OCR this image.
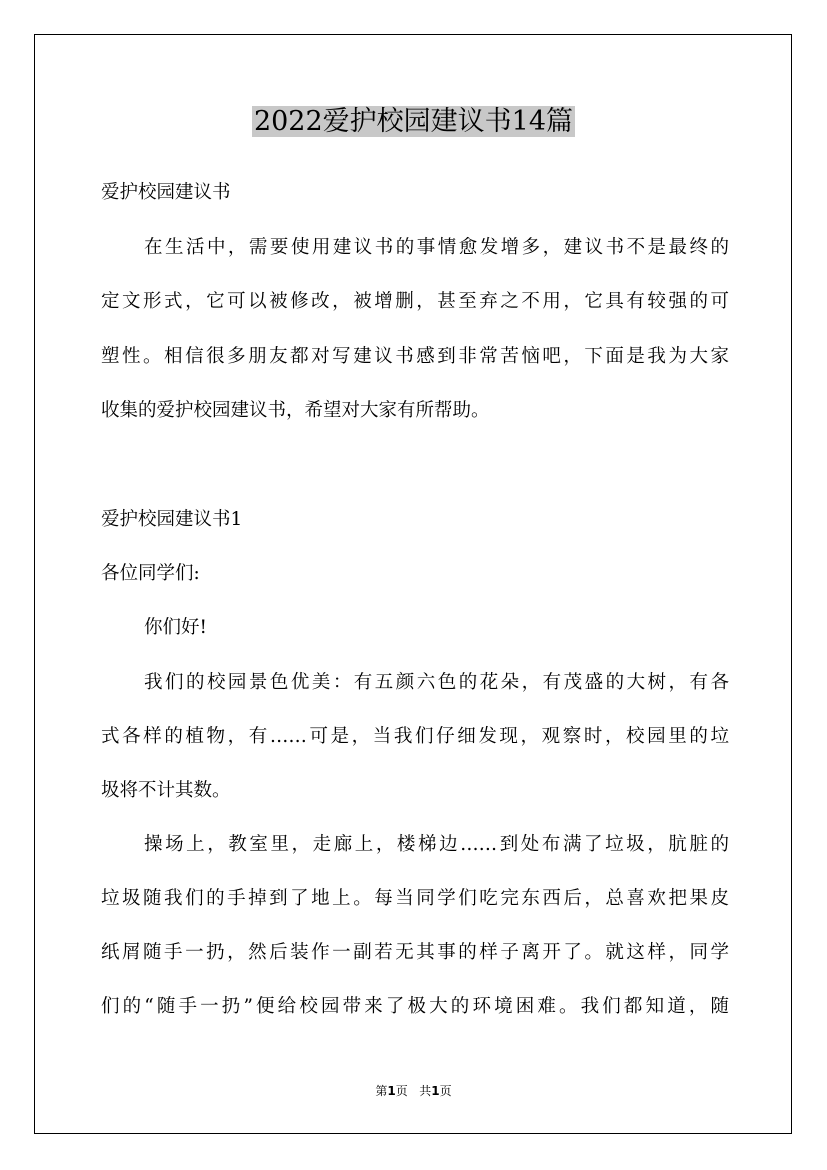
2022爱护校园建议书14篇
爱护校园建议书
在生活中，需要使用建议书的事情愈发增多，建议书不是最终的
定文形式，它可以被修改，被增删，甚至弃之不用，它具有较强的可
塑性。相信很多朋友都对写建议书感到非常苦恼吧，下面是我为大家
收集的爱护校园建议书，希望对大家有所帮助。
爱护校园建议书1
各位同学们:
你们好!
我们的校园景色优美：有五颜六色的花朵，有茂盛的大树，有各
式各样的植物，有……可是，当我们仔细发现，观察时，校园里的垃
圾将不计其数。
操场上，教室里，走廊上，楼梯边……到处布满了垃圾，肮脏的
垃圾随我们的手掉到了地上。每当同学们吃完东西后，总喜欢把果皮
纸屑随手一扔，然后装作一副若无其事的样子离开了。就这样，同学
们的“随手一扔”便给校园带来了极大的环境困难。我们都知道，随
第1页 共1页
